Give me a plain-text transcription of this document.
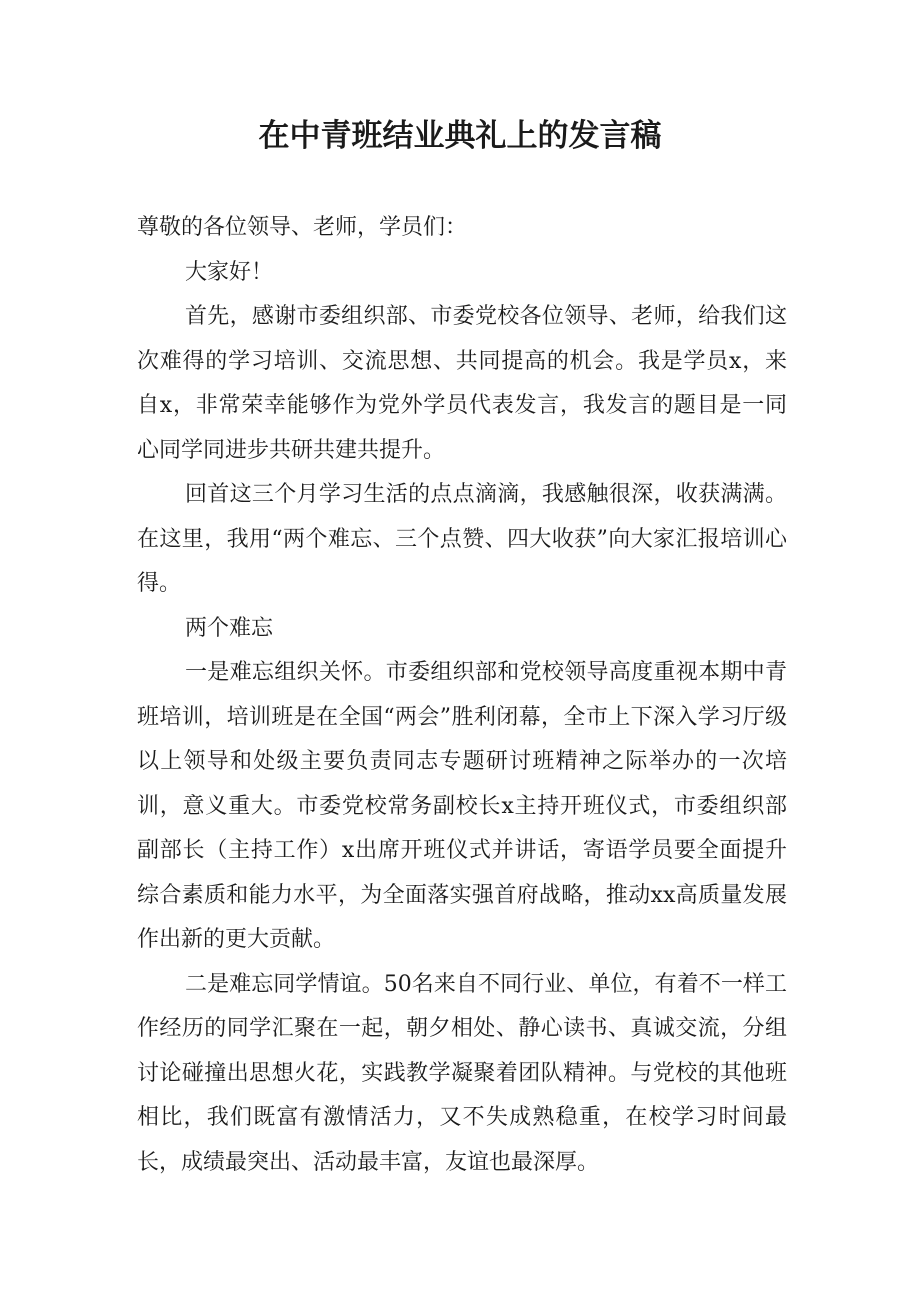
在中青班结业典礼上的发言稿

尊敬的各位领导、老师，学员们：

大家好！

首先，感谢市委组织部、市委党校各位领导、老师，给我们这次难得的学习培训、交流思想、共同提高的机会。我是学员x，来自x，非常荣幸能够作为党外学员代表发言，我发言的题目是一同心同学同进步共研共建共提升。

回首这三个月学习生活的点点滴滴，我感触很深，收获满满。在这里，我用“两个难忘、三个点赞、四大收获”向大家汇报培训心得。

两个难忘

一是难忘组织关怀。市委组织部和党校领导高度重视本期中青班培训，培训班是在全国“两会”胜利闭幕，全市上下深入学习厅级以上领导和处级主要负责同志专题研讨班精神之际举办的一次培训，意义重大。市委党校常务副校长x主持开班仪式，市委组织部副部长（主持工作）x出席开班仪式并讲话，寄语学员要全面提升综合素质和能力水平，为全面落实强首府战略，推动xx高质量发展作出新的更大贡献。

二是难忘同学情谊。50名来自不同行业、单位，有着不一样工作经历的同学汇聚在一起，朝夕相处、静心读书、真诚交流，分组讨论碰撞出思想火花，实践教学凝聚着团队精神。与党校的其他班相比，我们既富有激情活力，又不失成熟稳重，在校学习时间最长，成绩最突出、活动最丰富，友谊也最深厚。
